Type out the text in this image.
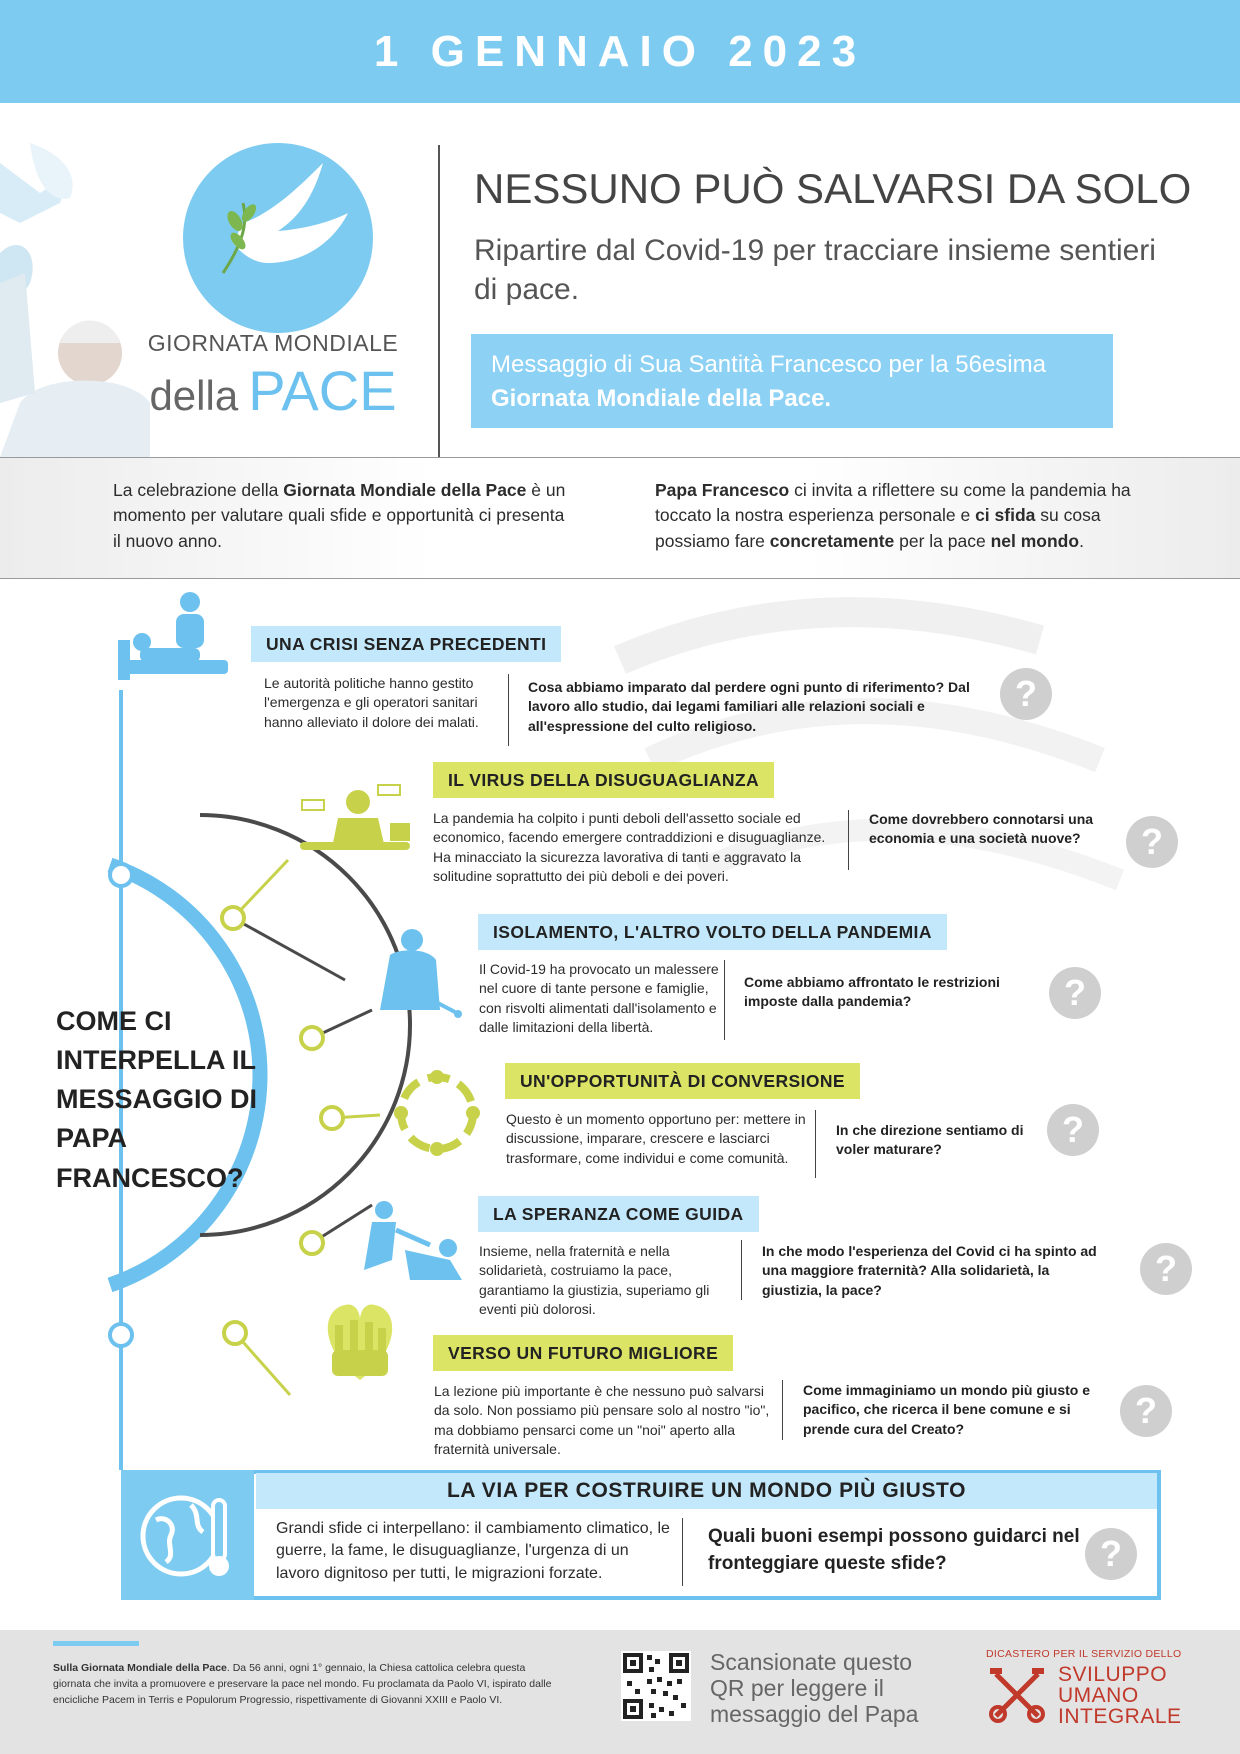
1 GENNAIO 2023
GIORNATA MONDIALE
della PACE
NESSUNO PUÒ SALVARSI DA SOLO
Ripartire dal Covid-19 per tracciare insieme sentieri di pace.
Messaggio di Sua Santità Francesco per la 56esima
Giornata Mondiale della Pace.
La celebrazione della Giornata Mondiale della Pace è un momento per valutare quali sfide e opportunità ci presenta il nuovo anno.
Papa Francesco ci invita a riflettere su come la pandemia ha toccato la nostra esperienza personale e ci sfida su cosa possiamo fare concretamente per la pace nel mondo.
COME CI INTERPELLA IL MESSAGGIO DI PAPA FRANCESCO?
UNA CRISI SENZA PRECEDENTI
Le autorità politiche hanno gestito l'emergenza e gli operatori sanitari hanno alleviato il dolore dei malati.
Cosa abbiamo imparato dal perdere ogni punto di riferimento? Dal lavoro allo studio, dai legami familiari alle relazioni sociali e all'espressione del culto religioso.
?
IL VIRUS DELLA DISUGUAGLIANZA
La pandemia ha colpito i punti deboli dell'assetto sociale ed economico, facendo emergere contraddizioni e disuguaglianze. Ha minacciato la sicurezza lavorativa di tanti e aggravato la solitudine soprattutto dei più deboli e dei poveri.
Come dovrebbero connotarsi una economia e una società nuove?	?
ISOLAMENTO, L'ALTRO VOLTO DELLA PANDEMIA
Il Covid-19 ha provocato un malessere nel cuore di tante persone e famiglie, con risvolti alimentati dall'isolamento e dalle limitazioni della libertà.
Come abbiamo affrontato le restrizioni imposte dalla pandemia?	?
UN'OPPORTUNITÀ DI CONVERSIONE
Questo è un momento opportuno per: mettere in discussione, imparare, crescere e lasciarci trasformare, come individui e come comunità.
In che direzione sentiamo di voler maturare?	?
LA SPERANZA COME GUIDA
Insieme, nella fraternità e nella solidarietà, costruiamo la pace, garantiamo la giustizia, superiamo gli eventi più dolorosi.
In che modo l'esperienza del Covid ci ha spinto ad una maggiore fraternità? Alla solidarietà, la giustizia, la pace?
?
VERSO UN FUTURO MIGLIORE
La lezione più importante è che nessuno può salvarsi da solo. Non possiamo più pensare solo al nostro "io", ma dobbiamo pensarci come un "noi" aperto alla fraternità universale.
Come immaginiamo un mondo più giusto e pacifico, che ricerca il bene comune e si prende cura del Creato?	?
LA VIA PER COSTRUIRE UN MONDO PIÙ GIUSTO
Grandi sfide ci interpellano: il cambiamento climatico, le guerre, la fame, le disuguaglianze, l'urgenza di un lavoro dignitoso per tutti, le migrazioni forzate.
Quali buoni esempi possono guidarci nel fronteggiare queste sfide?	?
Sulla Giornata Mondiale della Pace. Da 56 anni, ogni 1° gennaio, la Chiesa cattolica celebra questa giornata che invita a promuovere e preservare la pace nel mondo. Fu proclamata da Paolo VI, ispirato dalle encicliche Pacem in Terris e Populorum Progressio, rispettivamente di Giovanni XXIII e Paolo VI.
Scansionate questo QR per leggere il messaggio del Papa
DICASTERO PER IL SERVIZIO DELLO
SVILUPPO
UMANO
INTEGRALE
